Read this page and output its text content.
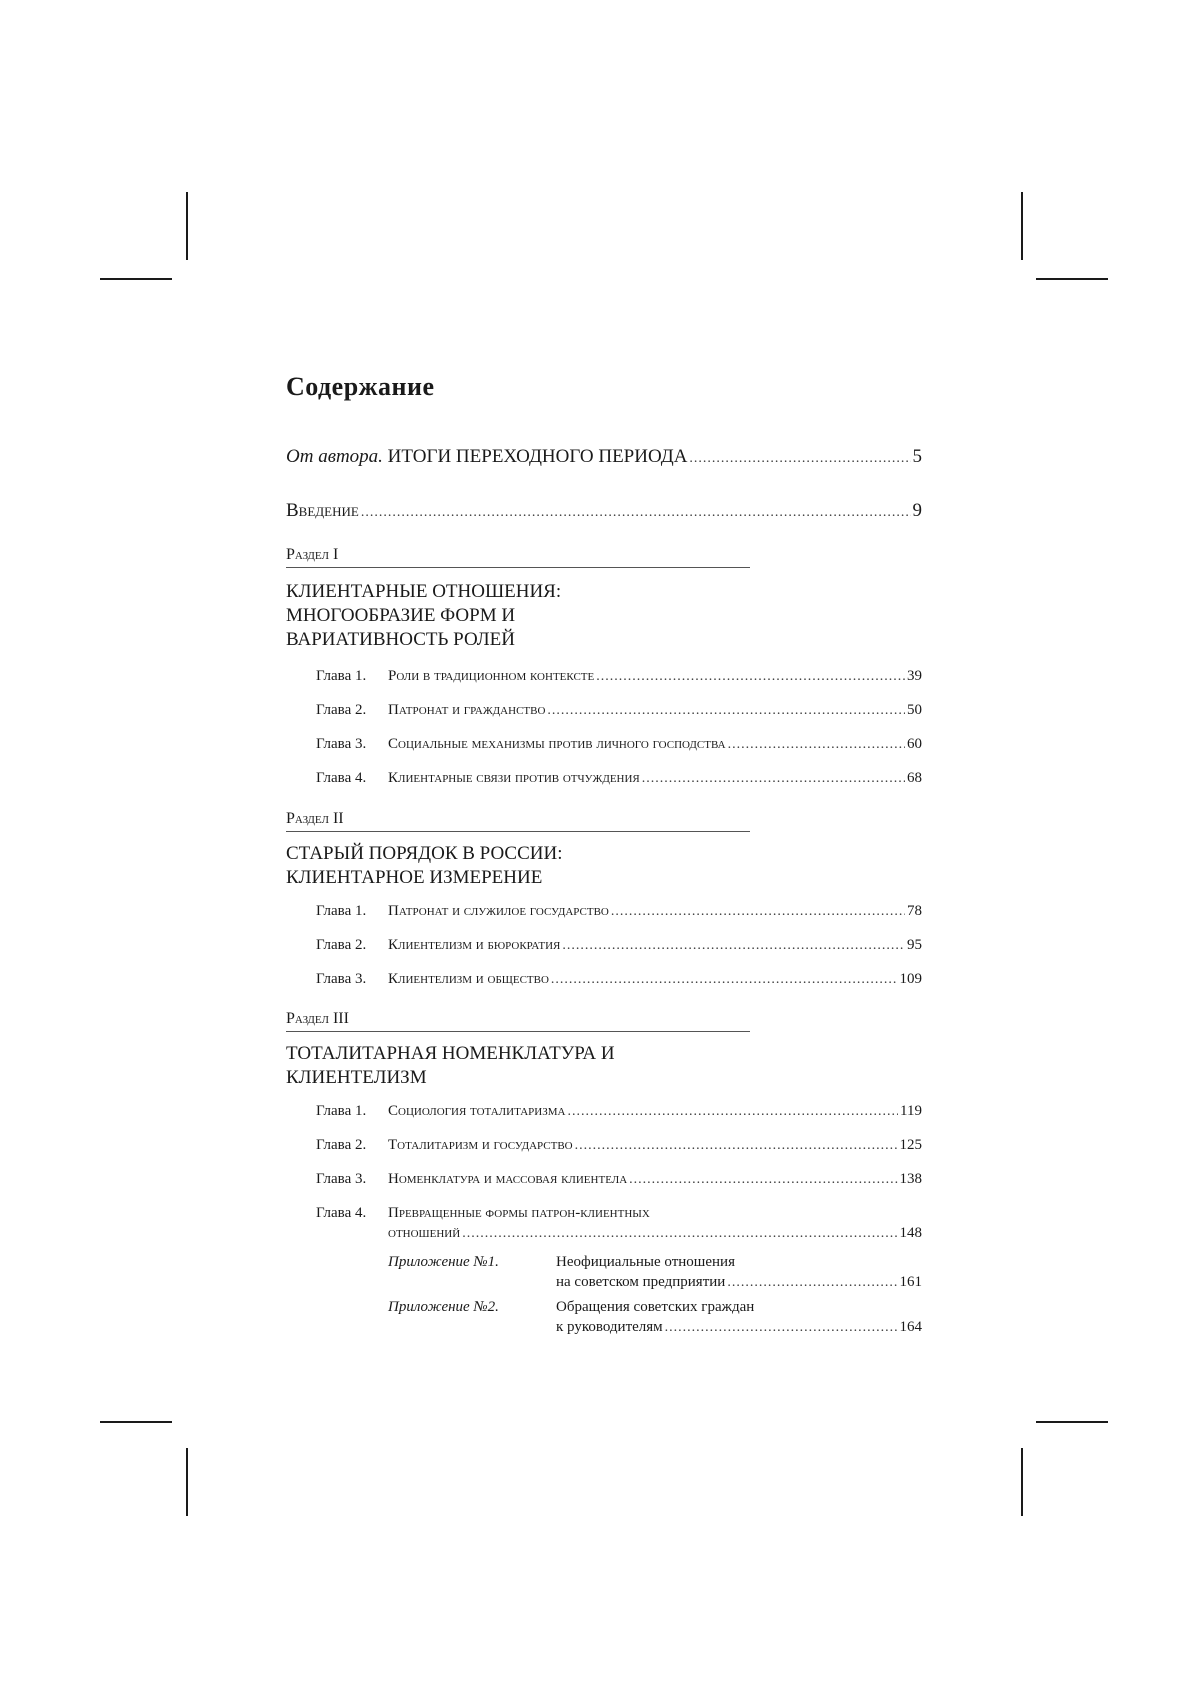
Содержание
От автора. ИТОГИ ПЕРЕХОДНОГО ПЕРИОДА .....	5
Введение .....	9
Раздел I
КЛИЕНТАРНЫЕ ОТНОШЕНИЯ:
МНОГООБРАЗИЕ ФОРМ И
ВАРИАТИВНОСТЬ РОЛЕЙ
Глава 1.	Роли в традиционном контексте .....	39
Глава 2.	Патронат и гражданство .....	50
Глава 3.	Социальные механизмы против личного господства .....	60
Глава 4.	Клиентарные связи против отчуждения .....	68
Раздел II
СТАРЫЙ ПОРЯДОК В РОССИИ:
КЛИЕНТАРНОЕ ИЗМЕРЕНИЕ
Глава 1.	Патронат и служилое государство .....	78
Глава 2.	Клиентелизм и бюрократия .....	95
Глава 3.	Клиентелизм и общество .....	109
Раздел III
ТОТАЛИТАРНАЯ НОМЕНКЛАТУРА И
КЛИЕНТЕЛИЗМ
Глава 1.	Социология тоталитаризма .....	119
Глава 2.	Тоталитаризм и государство .....	125
Глава 3.	Номенклатура и массовая клиентела .....	138
Глава 4. Превращенные формы патрон-клиентных
отношений .....	148
Приложение №1.	Неофициальные отношения
на советском предприятии .....	161
Приложение №2.	Обращения советских граждан
к руководителям .....	164
